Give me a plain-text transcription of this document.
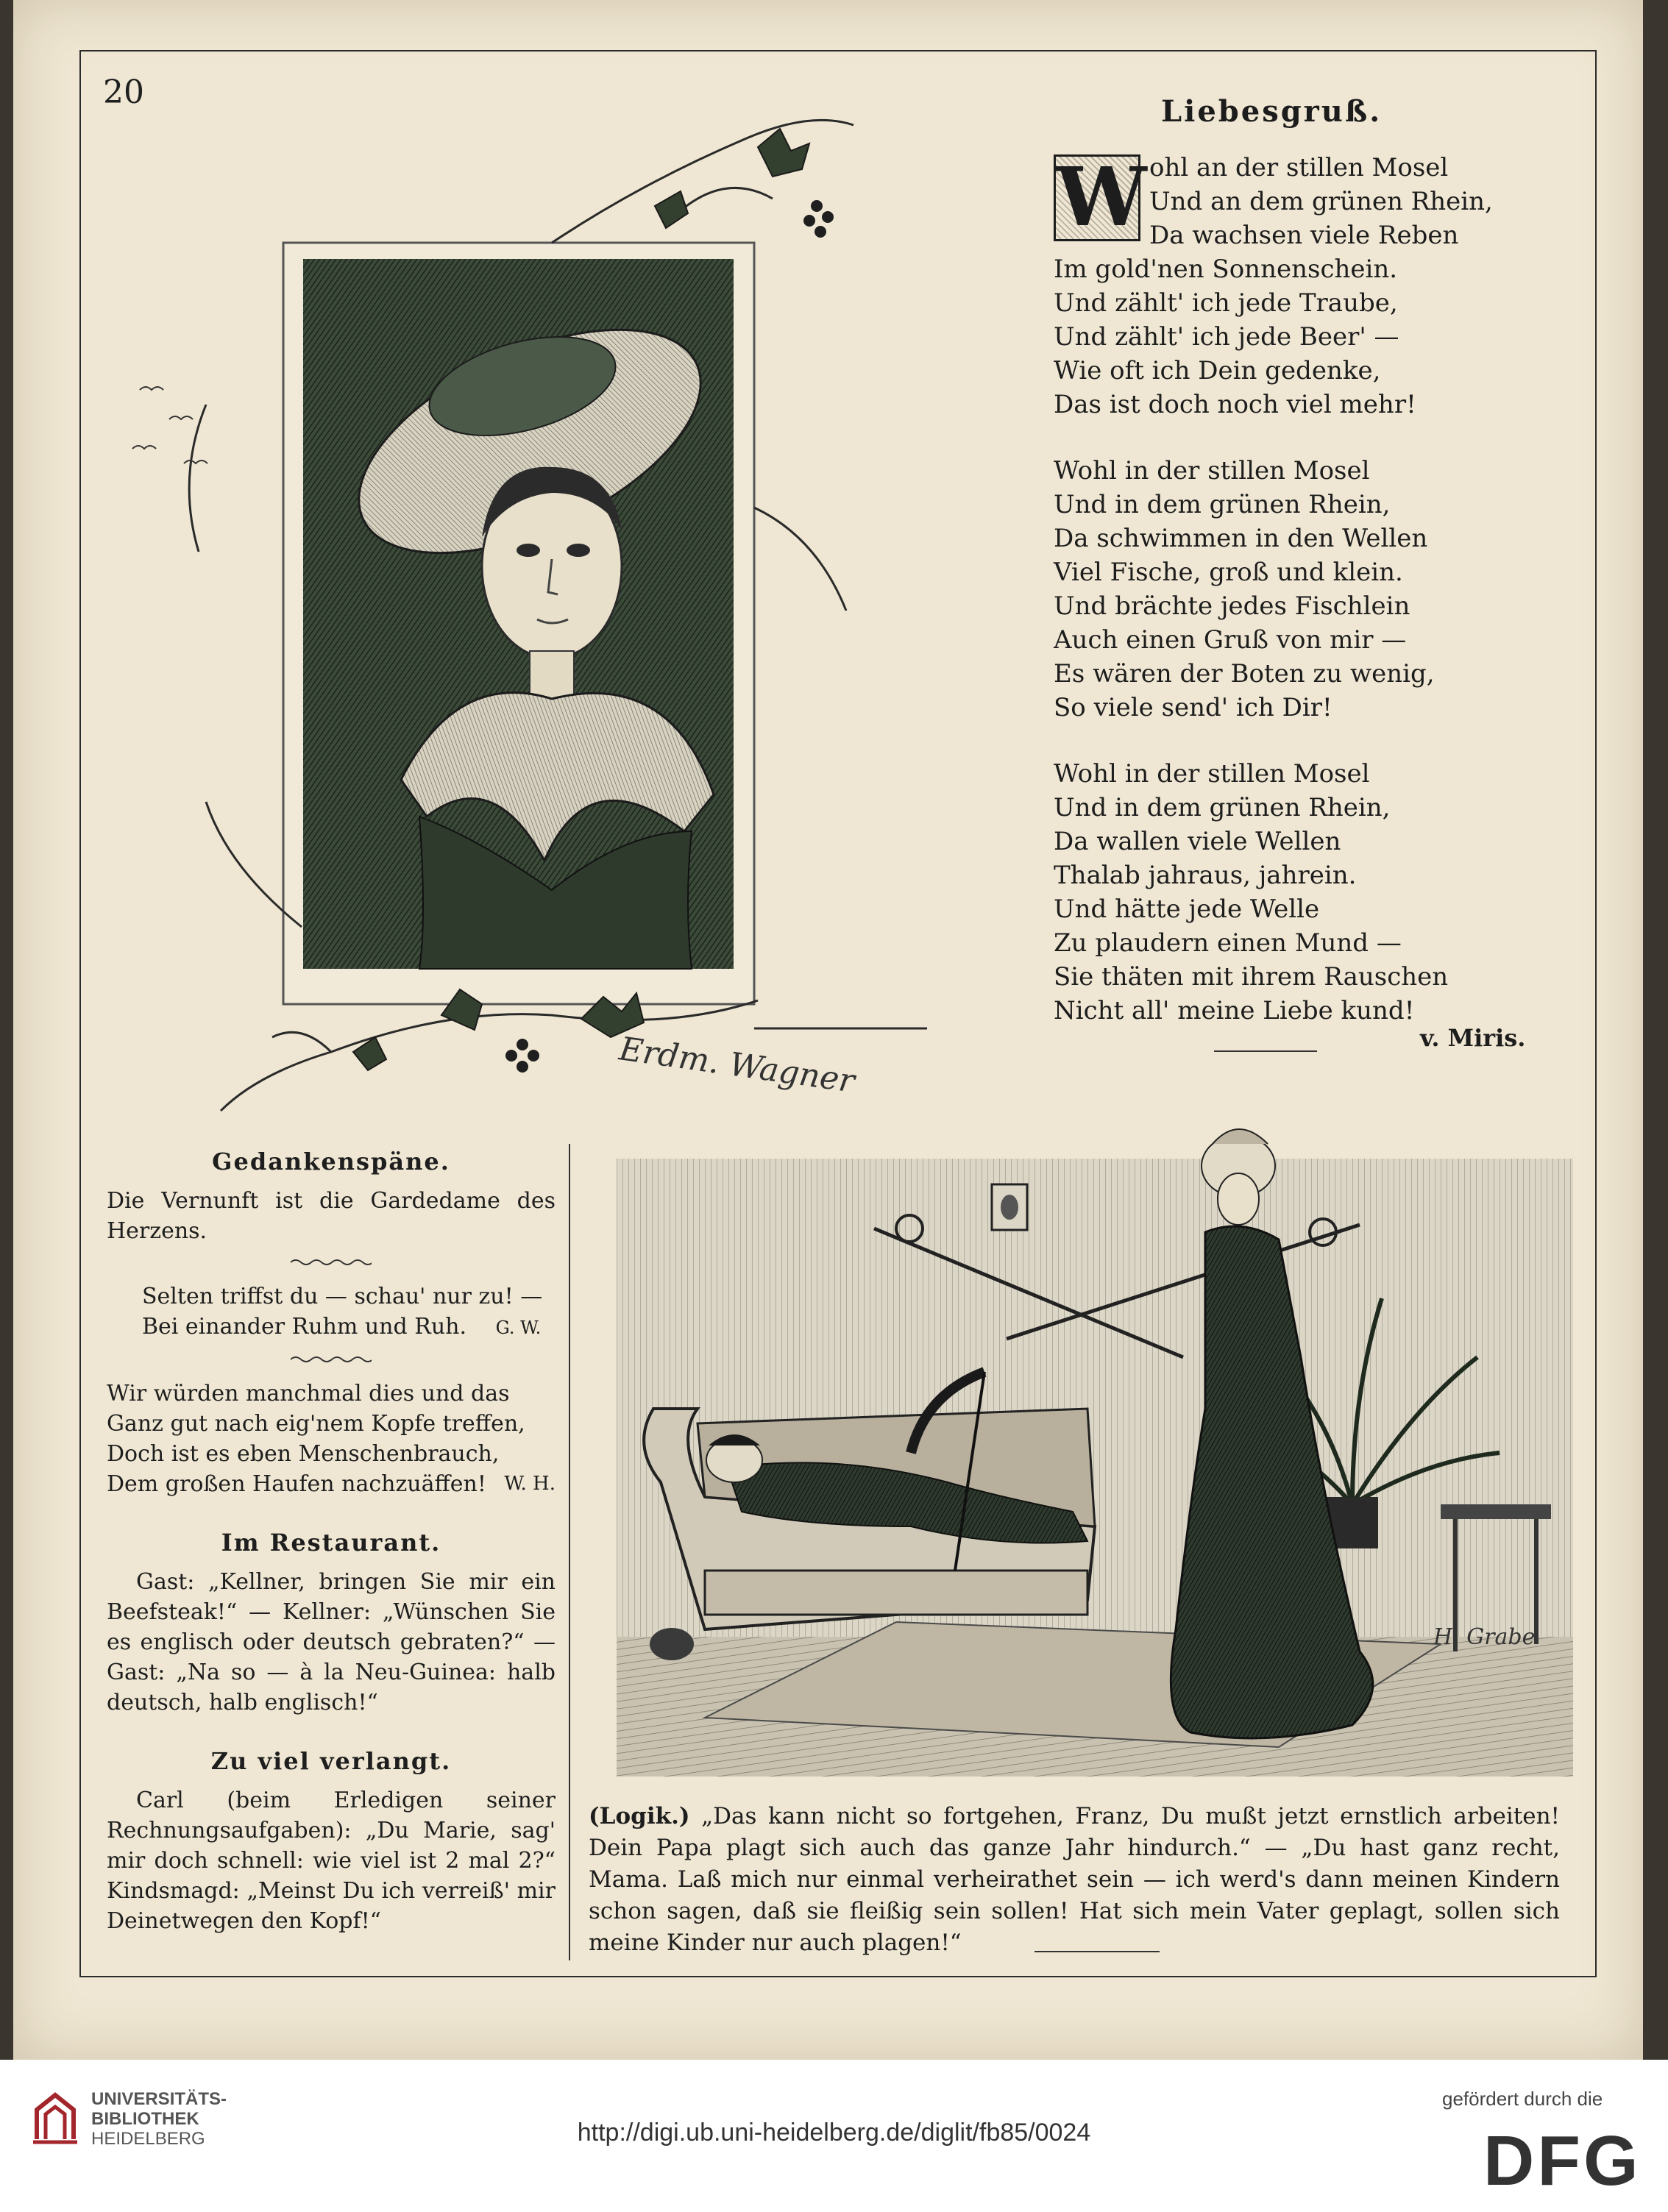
20
Erdm. Wagner
Liebesgruß.
W ohl an der stillen Mosel
Und an dem grünen Rhein,
Da wachsen viele Reben
Im gold'nen Sonnenschein.
Und zählt' ich jede Traube,
Und zählt' ich jede Beer' —
Wie oft ich Dein gedenke,
Das ist doch noch viel mehr!
Wohl in der stillen Mosel
Und in dem grünen Rhein,
Da schwimmen in den Wellen
Viel Fische, groß und klein.
Und brächte jedes Fischlein
Auch einen Gruß von mir —
Es wären der Boten zu wenig,
So viele send' ich Dir!
Wohl in der stillen Mosel
Und in dem grünen Rhein,
Da wallen viele Wellen
Thalab jahraus, jahrein.
Und hätte jede Welle
Zu plaudern einen Mund —
Sie thäten mit ihrem Rauschen
Nicht all' meine Liebe kund!
v. Miris.
Gedankenspäne.

Die Vernunft ist die Gardedame des Herzens.

Selten triffst du — schau' nur zu! —
Bei einander Ruhm und Ruh. G. W.
Wir würden manchmal dies und das
Ganz gut nach eig'nem Kopfe treffen,
Doch ist es eben Menschenbrauch,
Dem großen Haufen nachzuäffen! W. H.
Im Restaurant.

Gast: „Kellner, bringen Sie mir ein Beefsteak!“ — Kellner: „Wünschen Sie es englisch oder deutsch gebraten?“ — Gast: „Na so — à la Neu-Guinea: halb deutsch, halb englisch!“

Zu viel verlangt.

Carl (beim Erledigen seiner Rechnungsaufgaben): „Du Marie, sag' mir doch schnell: wie viel ist 2 mal 2?“ Kindsmagd: „Meinst Du ich verreiß' mir Deinetwegen den Kopf!“

H. Grabe
(Logik.) „Das kann nicht so fortgehen, Franz, Du mußt jetzt ernstlich arbeiten! Dein Papa plagt sich auch das ganze Jahr hindurch.“ — „Du hast ganz recht, Mama. Laß mich nur einmal verheirathet sein — ich werd's dann meinen Kindern schon sagen, daß sie fleißig sein sollen! Hat sich mein Vater geplagt, sollen sich meine Kinder nur auch plagen!“
UNIVERSITÄTS-
BIBLIOTHEK
HEIDELBERG	http://digi.ub.uni-heidelberg.de/diglit/fb85/0024
gefördert durch die
DFG
